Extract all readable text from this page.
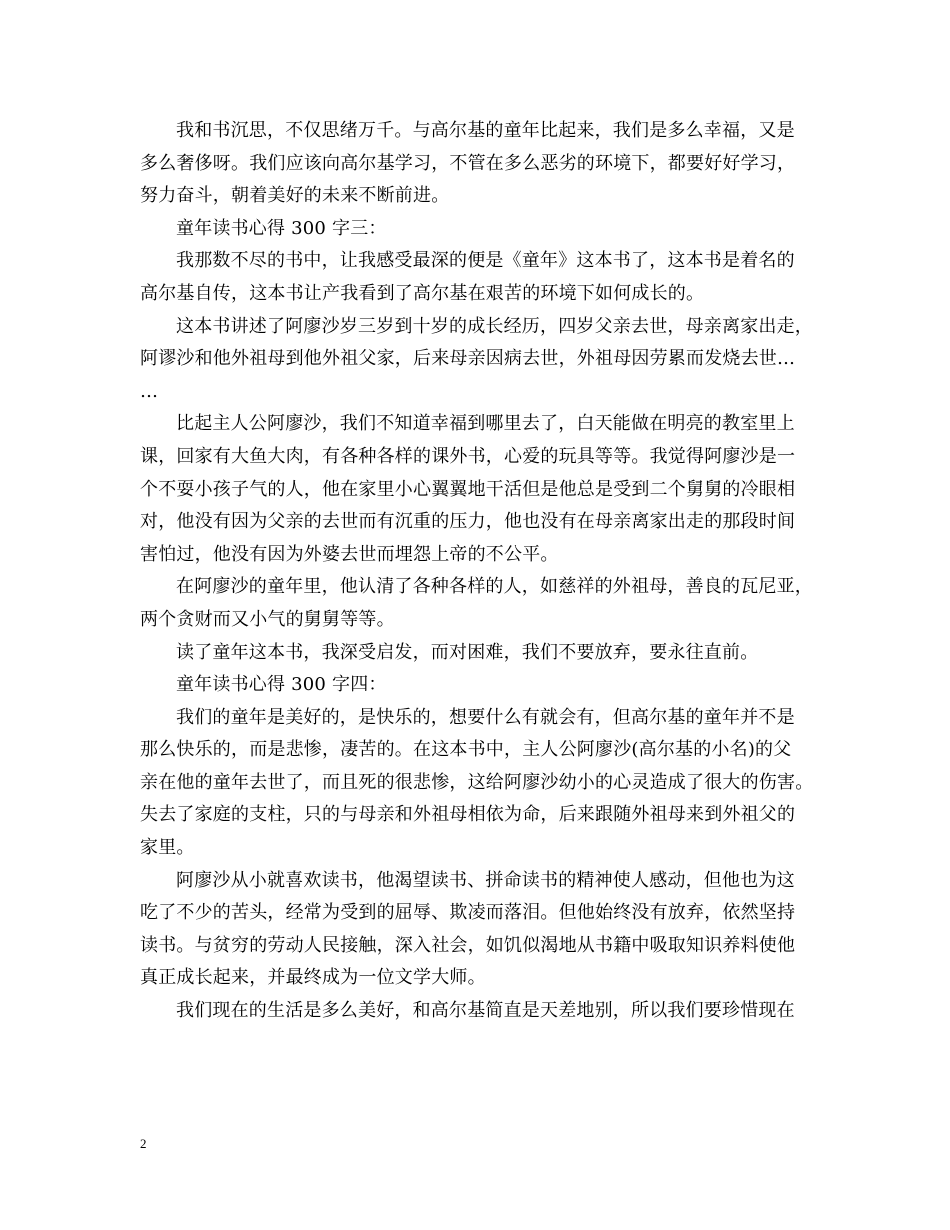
我和书沉思，不仅思绪万千。与高尔基的童年比起来，我们是多么幸福，又是
多么奢侈呀。我们应该向高尔基学习，不管在多么恶劣的环境下，都要好好学习，
努力奋斗，朝着美好的未来不断前进。
童年读书心得 300 字三：
我那数不尽的书中，让我感受最深的便是《童年》这本书了，这本书是着名的
高尔基自传，这本书让产我看到了高尔基在艰苦的环境下如何成长的。
这本书讲述了阿廖沙岁三岁到十岁的成长经历，四岁父亲去世，母亲离家出走，
阿谬沙和他外祖母到他外祖父家，后来母亲因病去世，外祖母因劳累而发烧去世…
…
比起主人公阿廖沙，我们不知道幸福到哪里去了，白天能做在明亮的教室里上
课，回家有大鱼大肉，有各种各样的课外书，心爱的玩具等等。我觉得阿廖沙是一
个不耍小孩子气的人，他在家里小心翼翼地干活但是他总是受到二个舅舅的冷眼相
对，他没有因为父亲的去世而有沉重的压力，他也没有在母亲离家出走的那段时间
害怕过，他没有因为外婆去世而埋怨上帝的不公平。
在阿廖沙的童年里，他认清了各种各样的人，如慈祥的外祖母，善良的瓦尼亚，
两个贪财而又小气的舅舅等等。
读了童年这本书，我深受启发，而对困难，我们不要放弃，要永往直前。
童年读书心得 300 字四：
我们的童年是美好的，是快乐的，想要什么有就会有，但高尔基的童年并不是
那么快乐的，而是悲惨，凄苦的。在这本书中，主人公阿廖沙(高尔基的小名)的父
亲在他的童年去世了，而且死的很悲惨，这给阿廖沙幼小的心灵造成了很大的伤害。
失去了家庭的支柱，只的与母亲和外祖母相依为命，后来跟随外祖母来到外祖父的
家里。
阿廖沙从小就喜欢读书，他渴望读书、拼命读书的精神使人感动，但他也为这
吃了不少的苦头，经常为受到的屈辱、欺凌而落泪。但他始终没有放弃，依然坚持
读书。与贫穷的劳动人民接触，深入社会，如饥似渴地从书籍中吸取知识养料使他
真正成长起来，并最终成为一位文学大师。
我们现在的生活是多么美好，和高尔基简直是天差地别，所以我们要珍惜现在
2
